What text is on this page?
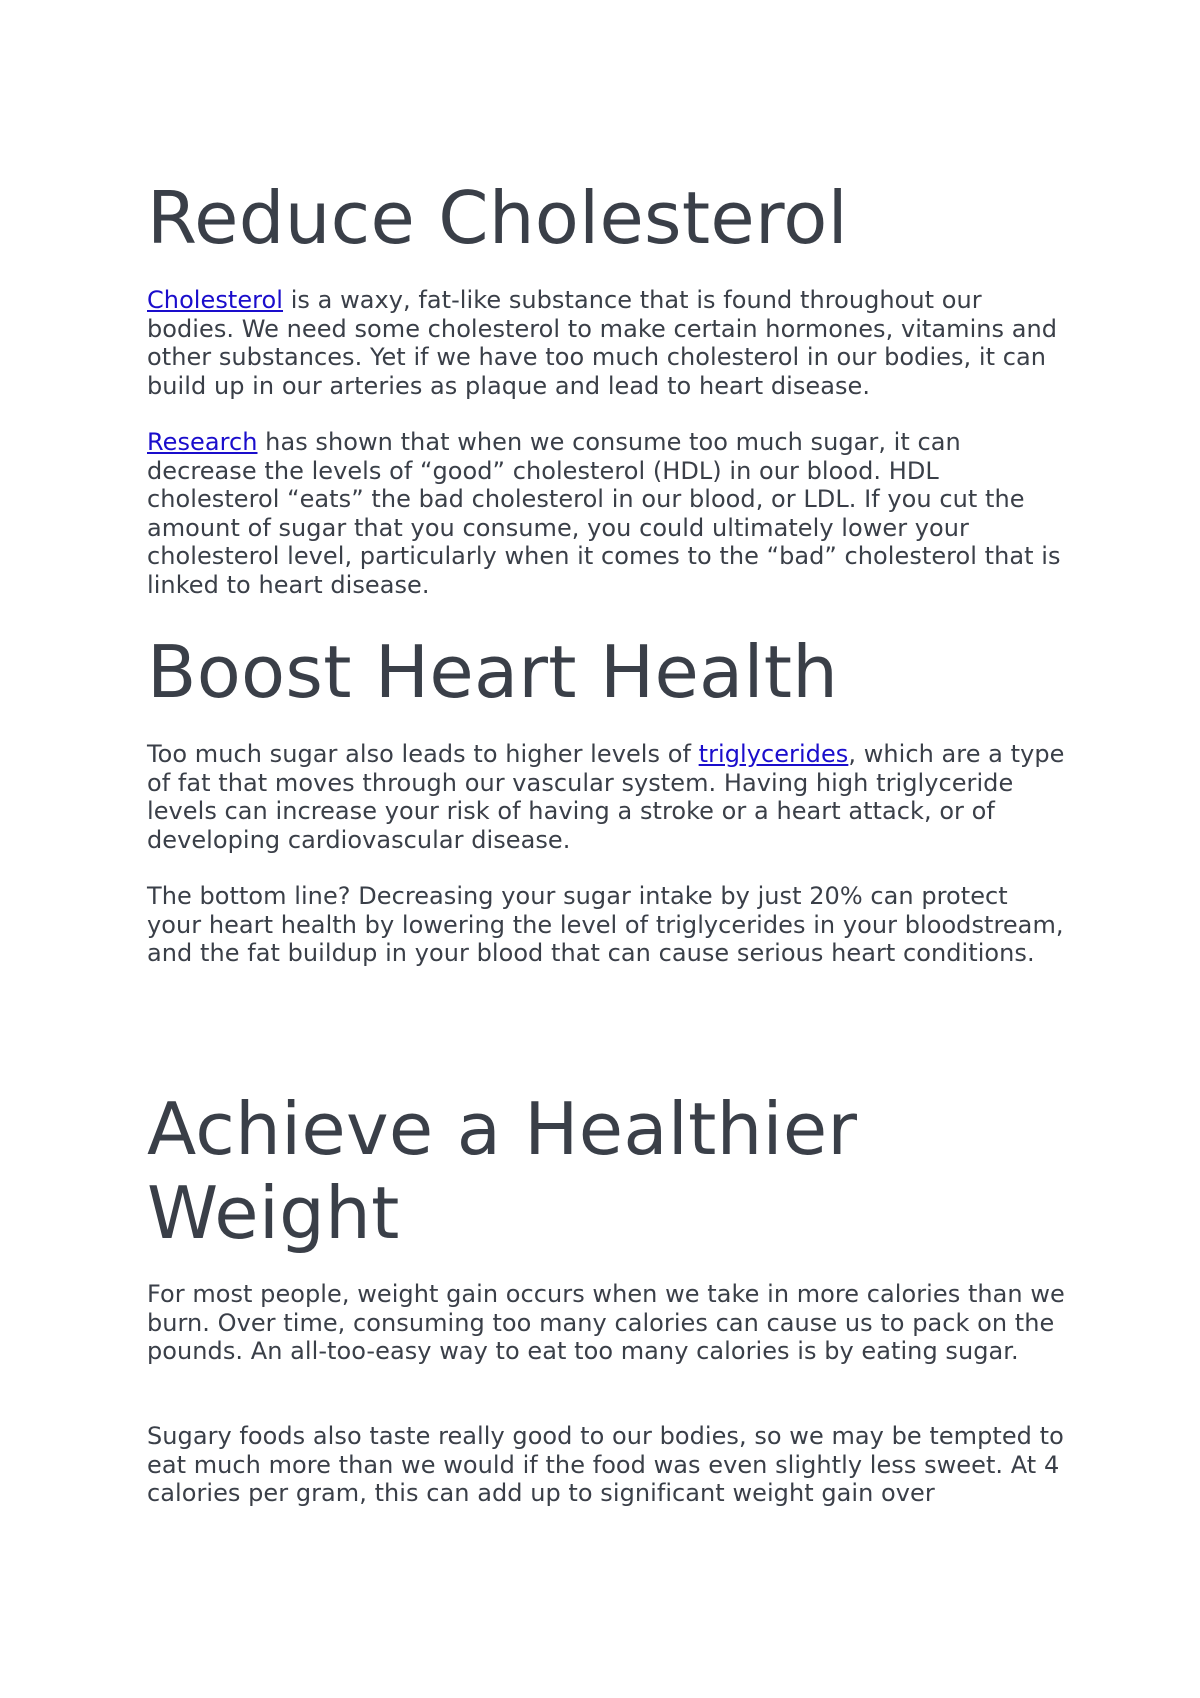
Reduce Cholesterol

Cholesterol is a waxy, fat-like substance that is found throughout our bodies. We need some cholesterol to make certain hormones, vitamins and other substances. Yet if we have too much cholesterol in our bodies, it can build up in our arteries as plaque and lead to heart disease.

Research has shown that when we consume too much sugar, it can decrease the levels of “good” cholesterol (HDL) in our blood. HDL cholesterol “eats” the bad cholesterol in our blood, or LDL. If you cut the amount of sugar that you consume, you could ultimately lower your cholesterol level, particularly when it comes to the “bad” cholesterol that is linked to heart disease.

Boost Heart Health

Too much sugar also leads to higher levels of triglycerides, which are a type of fat that moves through our vascular system. Having high triglyceride levels can increase your risk of having a stroke or a heart attack, or of developing cardiovascular disease.

The bottom line? Decreasing your sugar intake by just 20% can protect your heart health by lowering the level of triglycerides in your bloodstream, and the fat buildup in your blood that can cause serious heart conditions.

Achieve a Healthier
Weight

For most people, weight gain occurs when we take in more calories than we burn. Over time, consuming too many calories can cause us to pack on the pounds. An all-too-easy way to eat too many calories is by eating sugar.

Sugary foods also taste really good to our bodies, so we may be tempted to eat much more than we would if the food was even slightly less sweet. At 4 calories per gram, this can add up to significant weight gain over
